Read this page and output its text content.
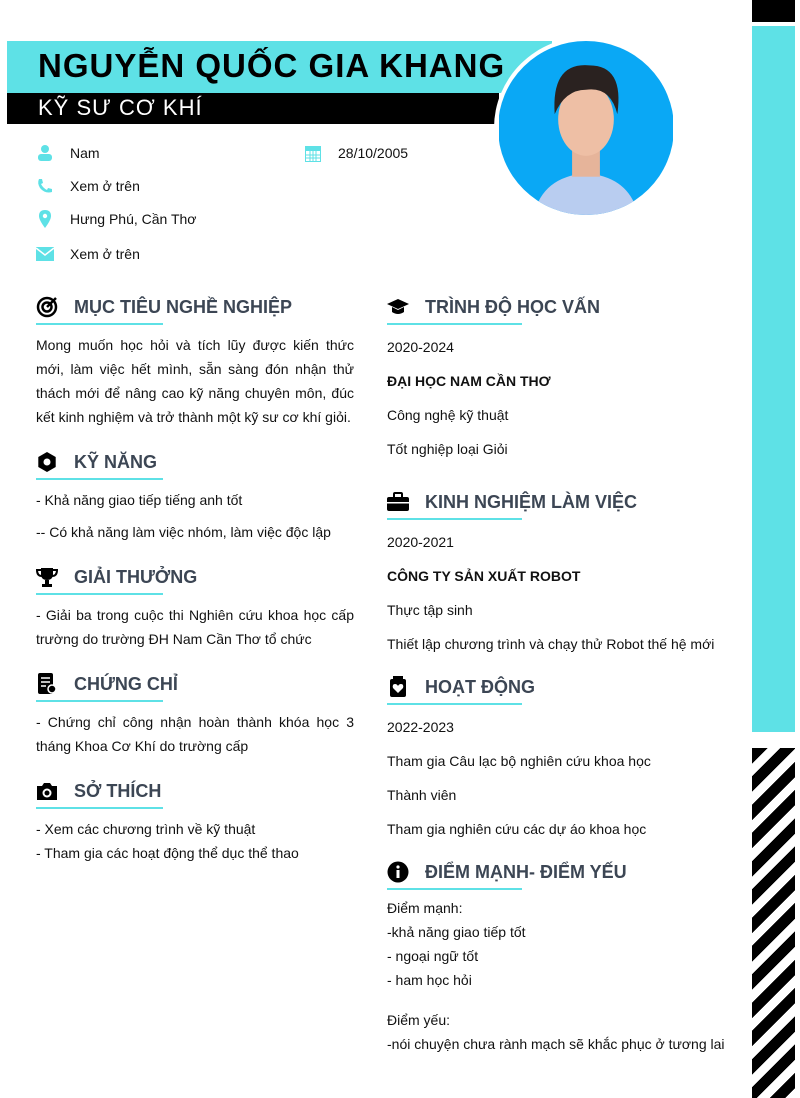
NGUYỄN QUỐC GIA KHANG
KỸ SƯ CƠ KHÍ
Nam	28/10/2005
Xem ở trên
Hưng Phú, Cần Thơ
Xem ở trên
MỤC TIÊU NGHỀ NGHIỆP
Mong muốn học hỏi và tích lũy được kiến thức mới, làm việc hết mình, sẵn sàng đón nhận thử thách mới để nâng cao kỹ năng chuyên môn, đúc kết kinh nghiệm và trở thành một kỹ sư cơ khí giỏi.
KỸ NĂNG
- Khả năng giao tiếp tiếng anh tốt
-- Có khả năng làm việc nhóm, làm việc độc lập
GIẢI THƯỞNG
- Giải ba trong cuộc thi Nghiên cứu khoa học cấp trường do trường ĐH Nam Cần Thơ tổ chức
CHỨNG CHỈ
- Chứng chỉ công nhận hoàn thành khóa học 3 tháng Khoa Cơ Khí do trường cấp
SỞ THÍCH
- Xem các chương trình về kỹ thuật
- Tham gia các hoạt động thể dục thể thao
TRÌNH ĐỘ HỌC VẤN
2020-2024
ĐẠI HỌC NAM CẦN THƠ
Công nghệ kỹ thuật
Tốt nghiệp loại Giỏi
KINH NGHIỆM LÀM VIỆC
2020-2021
CÔNG TY SẢN XUẤT ROBOT
Thực tập sinh
Thiết lập chương trình và chạy thử Robot thế hệ mới
HOẠT ĐỘNG
2022-2023
Tham gia Câu lạc bộ nghiên cứu khoa học
Thành viên
Tham gia nghiên cứu các dự áo khoa học
ĐIỂM MẠNH- ĐIỂM YẾU
Điểm mạnh:
-khả năng giao tiếp tốt
- ngoại ngữ tốt
- ham học hỏi
Điểm yếu:
-nói chuyện chưa rành mạch sẽ khắc phục ở tương lai
